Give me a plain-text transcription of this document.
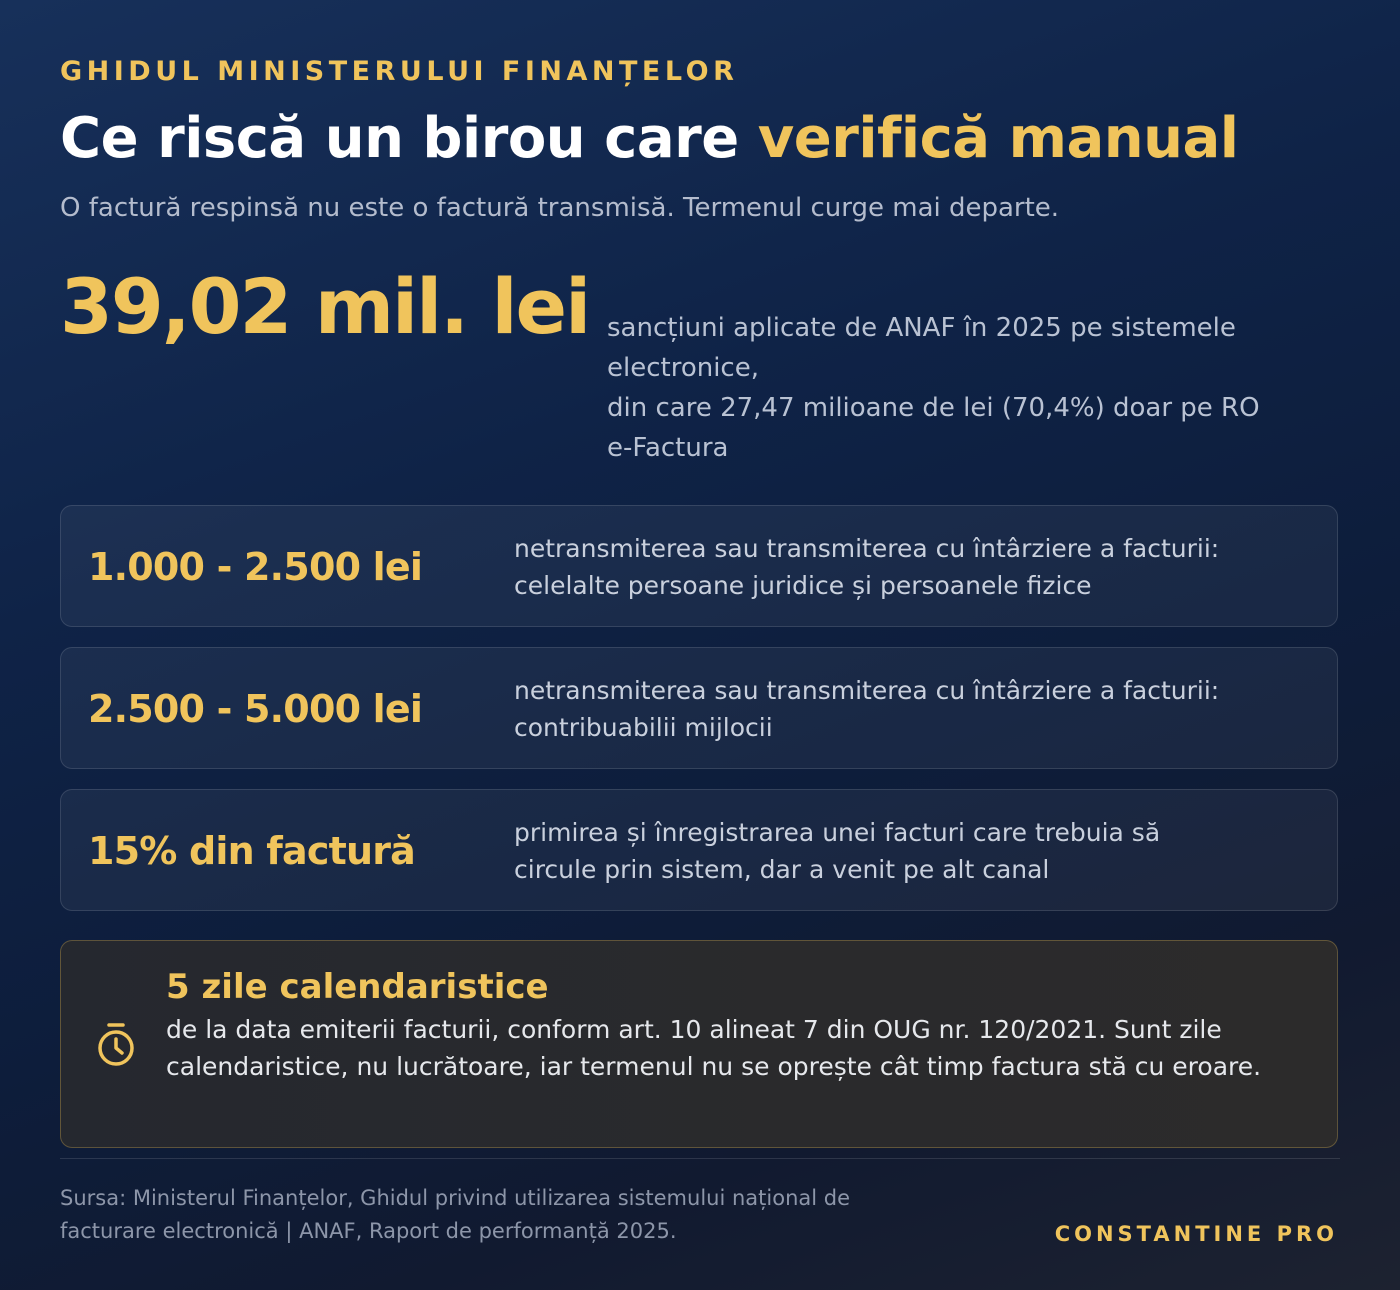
GHIDUL MINISTERULUI FINANȚELOR
Ce riscă un birou care verifică manual
O factură respinsă nu este o factură transmisă. Termenul curge mai departe.
39,02 mil. lei sancțiuni aplicate de ANAF în 2025 pe sistemele
electronice,
din care 27,47 milioane de lei (70,4%) doar pe RO
e-Factura
1.000 - 2.500 lei	netransmiterea sau transmiterea cu întârziere a facturii:
celelalte persoane juridice și persoanele fizice
2.500 - 5.000 lei	netransmiterea sau transmiterea cu întârziere a facturii:
contribuabilii mijlocii
15% din factură	primirea și înregistrarea unei facturi care trebuia să
circule prin sistem, dar a venit pe alt canal
5 zile calendaristice
de la data emiterii facturii, conform art. 10 alineat 7 din OUG nr. 120/2021. Sunt zile calendaristice, nu lucrătoare, iar termenul nu se oprește cât timp factura stă cu eroare.
Sursa: Ministerul Finanțelor, Ghidul privind utilizarea sistemului național de
facturare electronică | ANAF, Raport de performanță 2025.	CONSTANTINE PRO
